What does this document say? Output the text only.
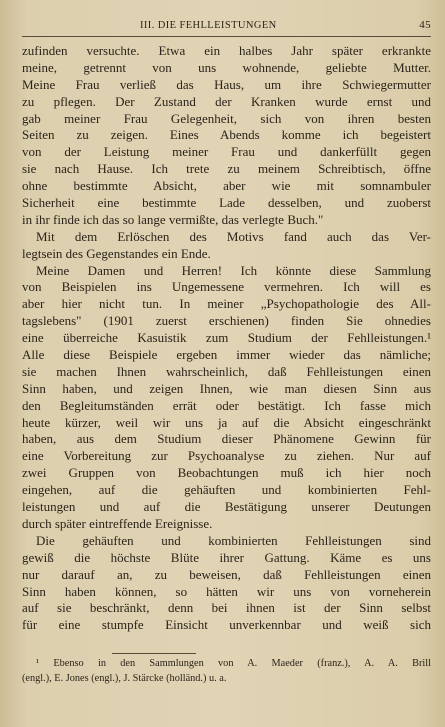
III. DIE FEHLLEISTUNGEN	45
zufinden versuchte. Etwa ein halbes Jahr später erkrankte
meine, getrennt von uns wohnende, geliebte Mutter.
Meine Frau verließ das Haus, um ihre Schwiegermutter
zu pflegen. Der Zustand der Kranken wurde ernst und
gab meiner Frau Gelegenheit, sich von ihren besten
Seiten zu zeigen. Eines Abends komme ich begeistert
von der Leistung meiner Frau und dankerfüllt gegen
sie nach Hause. Ich trete zu meinem Schreibtisch, öffne
ohne bestimmte Absicht, aber wie mit somnambuler
Sicherheit eine bestimmte Lade desselben, und zuoberst
in ihr finde ich das so lange vermißte, das verlegte Buch."
Mit dem Erlöschen des Motivs fand auch das Ver-
legtsein des Gegenstandes ein Ende.
Meine Damen und Herren! Ich könnte diese Sammlung
von Beispielen ins Ungemessene vermehren. Ich will es
aber hier nicht tun. In meiner „Psychopathologie des All-
tagslebens" (1901 zuerst erschienen) finden Sie ohnedies
eine überreiche Kasuistik zum Studium der Fehlleistungen.¹
Alle diese Beispiele ergeben immer wieder das nämliche;
sie machen Ihnen wahrscheinlich, daß Fehlleistungen einen
Sinn haben, und zeigen Ihnen, wie man diesen Sinn aus
den Begleitumständen errät oder bestätigt. Ich fasse mich
heute kürzer, weil wir uns ja auf die Absicht eingeschränkt
haben, aus dem Studium dieser Phänomene Gewinn für
eine Vorbereitung zur Psychoanalyse zu ziehen. Nur auf
zwei Gruppen von Beobachtungen muß ich hier noch
eingehen, auf die gehäuften und kombinierten Fehl-
leistungen und auf die Bestätigung unserer Deutungen
durch später eintreffende Ereignisse.
Die gehäuften und kombinierten Fehlleistungen sind
gewiß die höchste Blüte ihrer Gattung. Käme es uns
nur darauf an, zu beweisen, daß Fehlleistungen einen
Sinn haben können, so hätten wir uns von vorneherein
auf sie beschränkt, denn bei ihnen ist der Sinn selbst
für eine stumpfe Einsicht unverkennbar und weiß sich
¹ Ebenso in den Sammlungen von A. Maeder (franz.), A. A. Brill
(engl.), E. Jones (engl.), J. Stärcke (holländ.) u. a.
